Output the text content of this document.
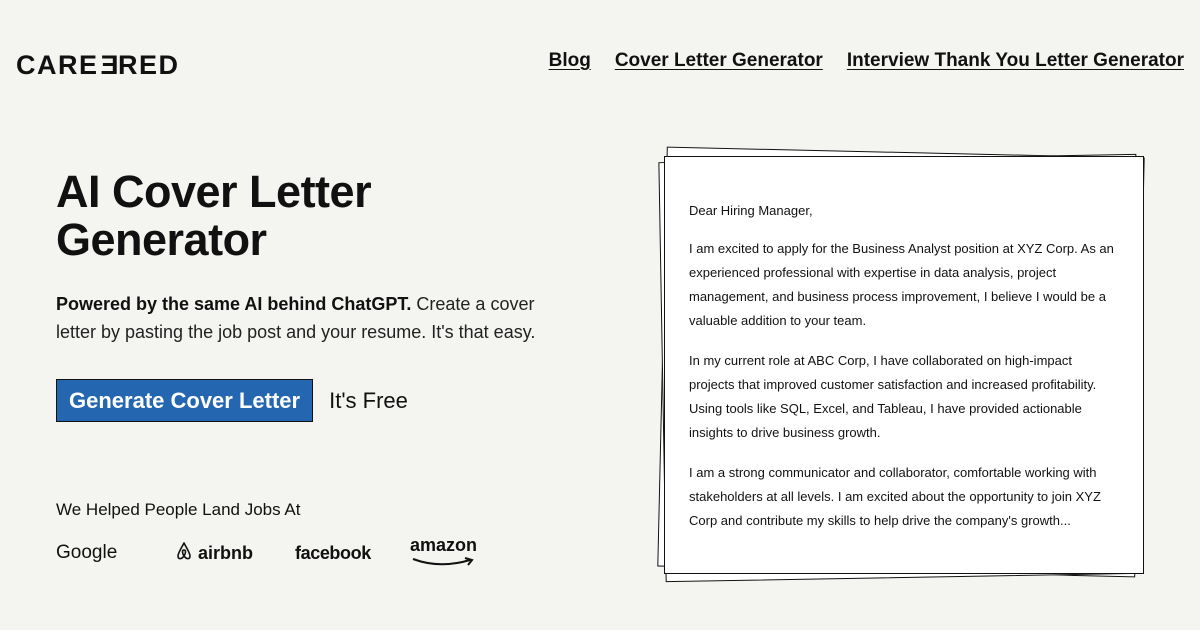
CARE E RED	Blog Cover Letter Generator Interview Thank You Letter Generator
AI Cover Letter Generator

Powered by the same AI behind ChatGPT. Create a cover letter by pasting the job post and your resume. It's that easy.

Generate Cover Letter	It's Free
We Helped People Land Jobs At
Google	airbnb facebook amazon

Dear Hiring Manager,

I am excited to apply for the Business Analyst position at XYZ Corp. As an experienced professional with expertise in data analysis, project management, and business process improvement, I believe I would be a valuable addition to your team.

In my current role at ABC Corp, I have collaborated on high-impact projects that improved customer satisfaction and increased profitability. Using tools like SQL, Excel, and Tableau, I have provided actionable insights to drive business growth.

I am a strong communicator and collaborator, comfortable working with stakeholders at all levels. I am excited about the opportunity to join XYZ Corp and contribute my skills to help drive the company's growth...
